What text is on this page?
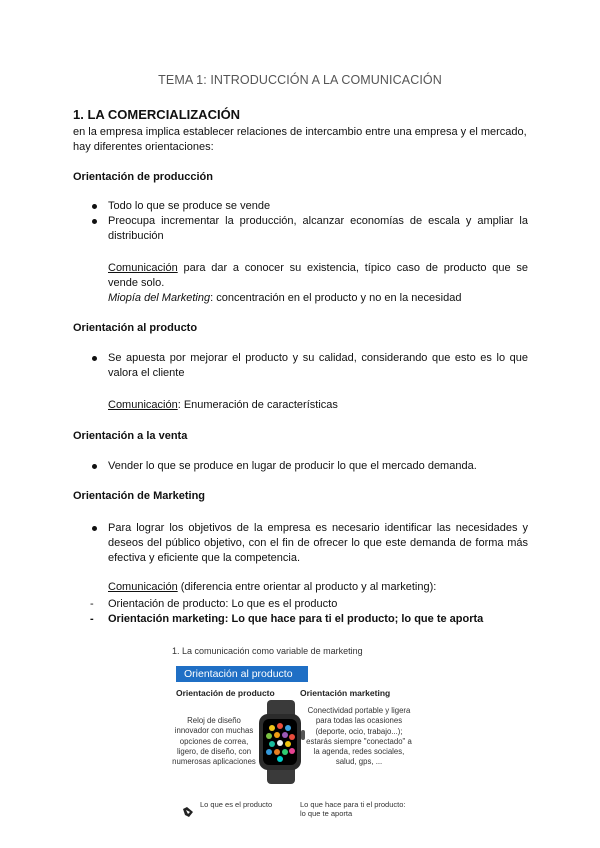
TEMA 1: INTRODUCCIÓN A LA COMUNICACIÓN
1. LA COMERCIALIZACIÓN
en la empresa implica establecer relaciones de intercambio entre una empresa y el mercado,
hay diferentes orientaciones:
Orientación de producción
Todo lo que se produce se vende
Preocupa incrementar la producción, alcanzar economías de escala y ampliar la distribución
Comunicación para dar a conocer su existencia, típico caso de producto que se vende solo.
Miopía del Marketing: concentración en el producto y no en la necesidad
Orientación al producto
Se apuesta por mejorar el producto y su calidad, considerando que esto es lo que valora el cliente
Comunicación: Enumeración de características
Orientación a la venta
Vender lo que se produce en lugar de producir lo que el mercado demanda.
Orientación de Marketing
Para lograr los objetivos de la empresa es necesario identificar las necesidades y deseos del público objetivo, con el fin de ofrecer lo que este demanda de forma más efectiva y eficiente que la competencia.
Comunicación (diferencia entre orientar al producto y al marketing):
- Orientación de producto: Lo que es el producto
- Orientación marketing: Lo que hace para ti el producto; lo que te aporta
1. La comunicación como variable de marketing
Orientación al producto
Orientación de producto	Orientación marketing
Reloj de diseño innovador con muchas opciones de correa, ligero, de diseño, con numerosas aplicaciones
Conectividad portable y ligera para todas las ocasiones (deporte, ocio, trabajo...); estarás siempre "conectado" a la agenda, redes sociales, salud, gps, ...
Lo que es el producto	Lo que hace para ti el producto: lo que te aporta
